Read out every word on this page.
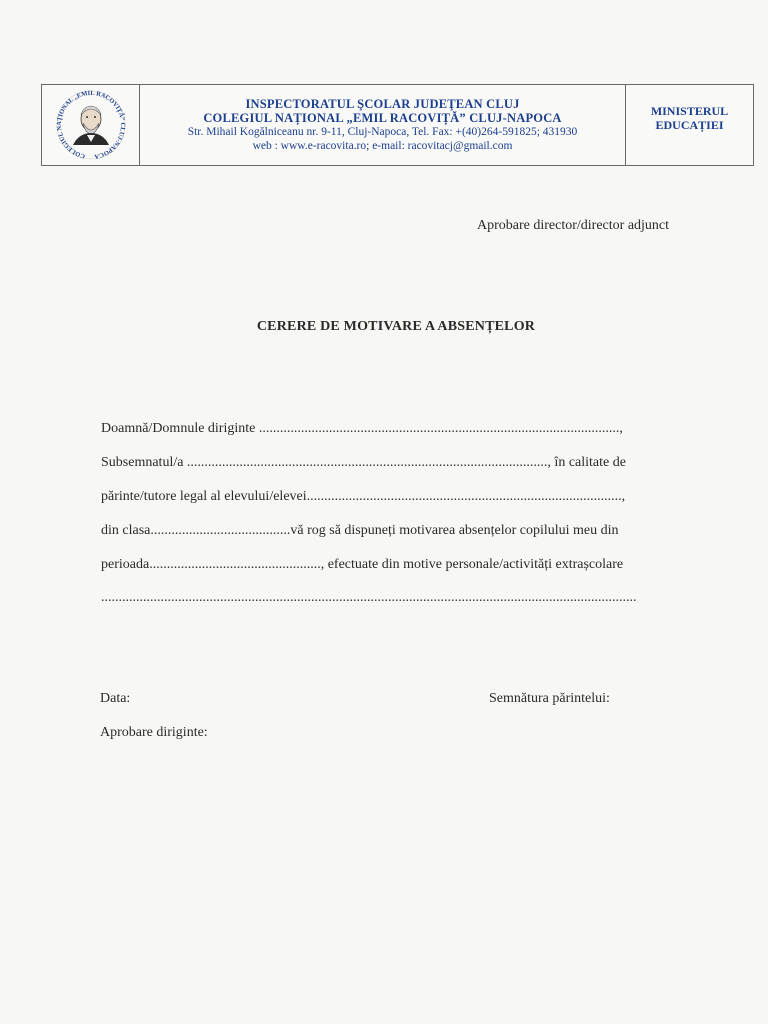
COLEGIUL NAȚIONAL „EMIL RACOVIȚĂ” CLUJ-NAPOCA
INSPECTORATUL ŞCOLAR JUDEŢEAN CLUJ
COLEGIUL NAȚIONAL „EMIL RACOVIȚĂ” CLUJ-NAPOCA
Str. Mihail Kogălniceanu nr. 9-11, Cluj-Napoca, Tel. Fax: +(40)264-591825; 431930
web : www.e-racovita.ro; e-mail: racovitacj@gmail.com
MINISTERUL
EDUCAȚIEI
Aprobare director/director adjunct
CERERE DE MOTIVARE A ABSENȚELOR
Doamnă/Domnule diriginte .......................................................................................................,
Subsemnatul/a ......................................................................................................., în calitate de
părinte/tutore legal al elevului/elevei..........................................................................................,
din clasa........................................vă rog să dispuneți motivarea absențelor copilului meu din
perioada................................................., efectuate din motive personale/activități extrașcolare
.........................................................................................................................................................
Data:	Semnătura părintelui:
Aprobare diriginte:
